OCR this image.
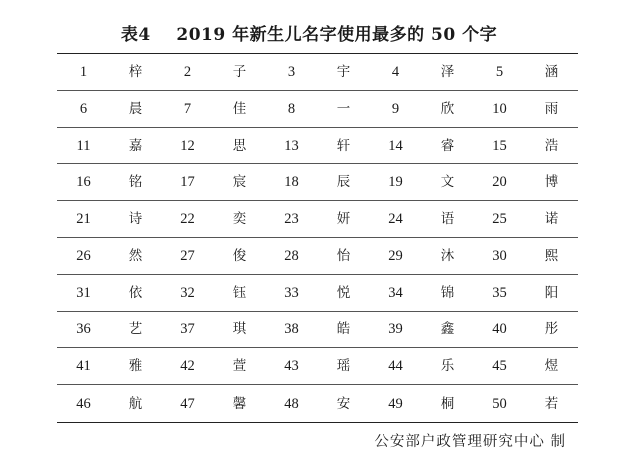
表4 2019 年新生儿名字使用最多的 50 个字
1	梓	2	子	3	宇	4	泽	5	涵
6	晨	7	佳	8	一	9	欣	10	雨
11	嘉	12	思	13	轩	14	睿	15	浩
16	铭	17	宸	18	辰	19	文	20	博
21	诗	22	奕	23	妍	24	语	25	诺
26	然	27	俊	28	怡	29	沐	30	熙
31	依	32	钰	33	悦	34	锦	35	阳
36	艺	37	琪	38	皓	39	鑫	40	彤
41	雅	42	萱	43	瑶	44	乐	45	煜
46	航	47	馨	48	安	49	桐	50	若
公安部户政管理研究中心 制
